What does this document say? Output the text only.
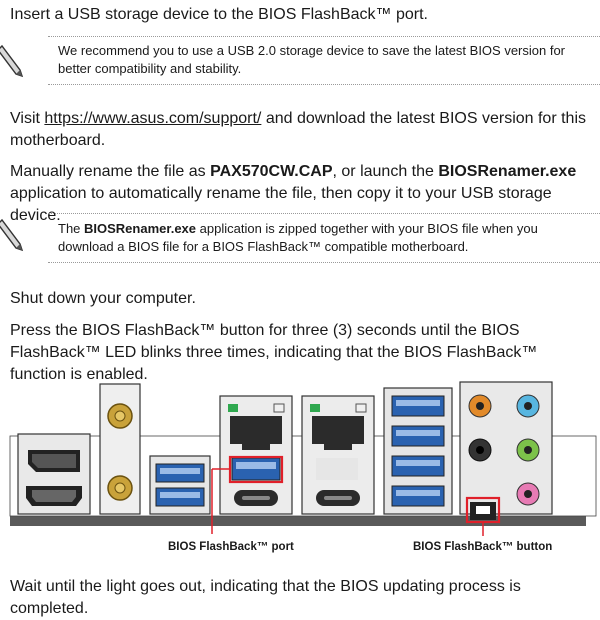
Insert a USB storage device to the BIOS FlashBack™ port.

We recommend you to use a USB 2.0 storage device to save the latest BIOS version for better compatibility and stability.

Visit https://www.asus.com/support/ and download the latest BIOS version for this motherboard.

Manually rename the file as PAX570CW.CAP, or launch the BIOSRenamer.exe application to automatically rename the file, then copy it to your USB storage device.

The BIOSRenamer.exe application is zipped together with your BIOS file when you download a BIOS file for a BIOS FlashBack™ compatible motherboard.

Shut down your computer.

Press the BIOS FlashBack™ button for three (3) seconds until the BIOS FlashBack™ LED blinks three times, indicating that the BIOS FlashBack™ function is enabled.

BIOS FlashBack™ port	BIOS FlashBack™ button

Wait until the light goes out, indicating that the BIOS updating process is completed.
